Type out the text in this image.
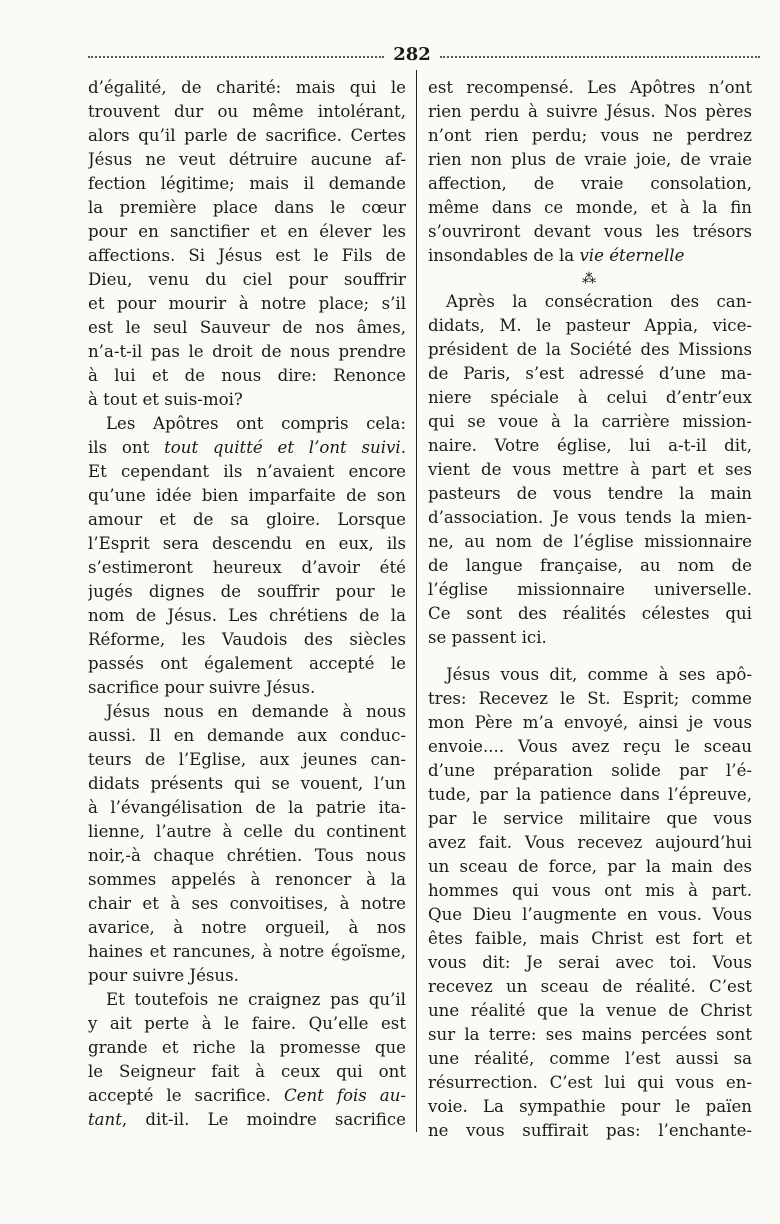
282
d’égalité, de charité: mais qui le
trouvent dur ou même intolérant,
alors qu’il parle de sacrifice. Certes
Jésus ne veut détruire aucune af-
fection légitime; mais il demande
la première place dans le cœur
pour en sanctifier et en élever les
affections. Si Jésus est le Fils de
Dieu, venu du ciel pour souffrir
et pour mourir à notre place; s’il
est le seul Sauveur de nos âmes,
n’a-t-il pas le droit de nous prendre
à lui et de nous dire: Renonce
à tout et suis-moi?
Les Apôtres ont compris cela:
ils ont tout quitté et l’ont suivi.
Et cependant ils n’avaient encore
qu’une idée bien imparfaite de son
amour et de sa gloire. Lorsque
l’Esprit sera descendu en eux, ils
s’estimeront heureux d’avoir été
jugés dignes de souffrir pour le
nom de Jésus. Les chrétiens de la
Réforme, les Vaudois des siècles
passés ont également accepté le
sacrifice pour suivre Jésus.
Jésus nous en demande à nous
aussi. Il en demande aux conduc-
teurs de l’Eglise, aux jeunes can-
didats présents qui se vouent, l’un
à l’évangélisation de la patrie ita-
lienne, l’autre à celle du continent
noir,-à chaque chrétien. Tous nous
sommes appelés à renoncer à la
chair et à ses convoitises, à notre
avarice, à notre orgueil, à nos
haines et rancunes, à notre égoïsme,
pour suivre Jésus.
Et toutefois ne craignez pas qu’il
y ait perte à le faire. Qu’elle est
grande et riche la promesse que
le Seigneur fait à ceux qui ont
accepté le sacrifice. Cent fois au-
tant, dit-il. Le moindre sacrifice
est recompensé. Les Apôtres n’ont
rien perdu à suivre Jésus. Nos pères
n’ont rien perdu; vous ne perdrez
rien non plus de vraie joie, de vraie
affection, de vraie consolation,
même dans ce monde, et à la fin
s’ouvriront devant vous les trésors
insondables de la vie éternelle
⁂
Après la consécration des can-
didats, M. le pasteur Appia, vice-
président de la Société des Missions
de Paris, s’est adressé d’une ma-
niere spéciale à celui d’entr’eux
qui se voue à la carrière mission-
naire. Votre église, lui a-t-il dit,
vient de vous mettre à part et ses
pasteurs de vous tendre la main
d’association. Je vous tends la mien-
ne, au nom de l’église missionnaire
de langue française, au nom de
l’église missionnaire universelle.
Ce sont des réalités célestes qui
se passent ici.
Jésus vous dit, comme à ses apô-
tres: Recevez le St. Esprit; comme
mon Père m’a envoyé, ainsi je vous
envoie.... Vous avez reçu le sceau
d’une préparation solide par l’é-
tude, par la patience dans l’épreuve,
par le service militaire que vous
avez fait. Vous recevez aujourd’hui
un sceau de force, par la main des
hommes qui vous ont mis à part.
Que Dieu l’augmente en vous. Vous
êtes faible, mais Christ est fort et
vous dit: Je serai avec toi. Vous
recevez un sceau de réalité. C’est
une réalité que la venue de Christ
sur la terre: ses mains percées sont
une réalité, comme l’est aussi sa
résurrection. C’est lui qui vous en-
voie. La sympathie pour le païen
ne vous suffirait pas: l’enchante-
